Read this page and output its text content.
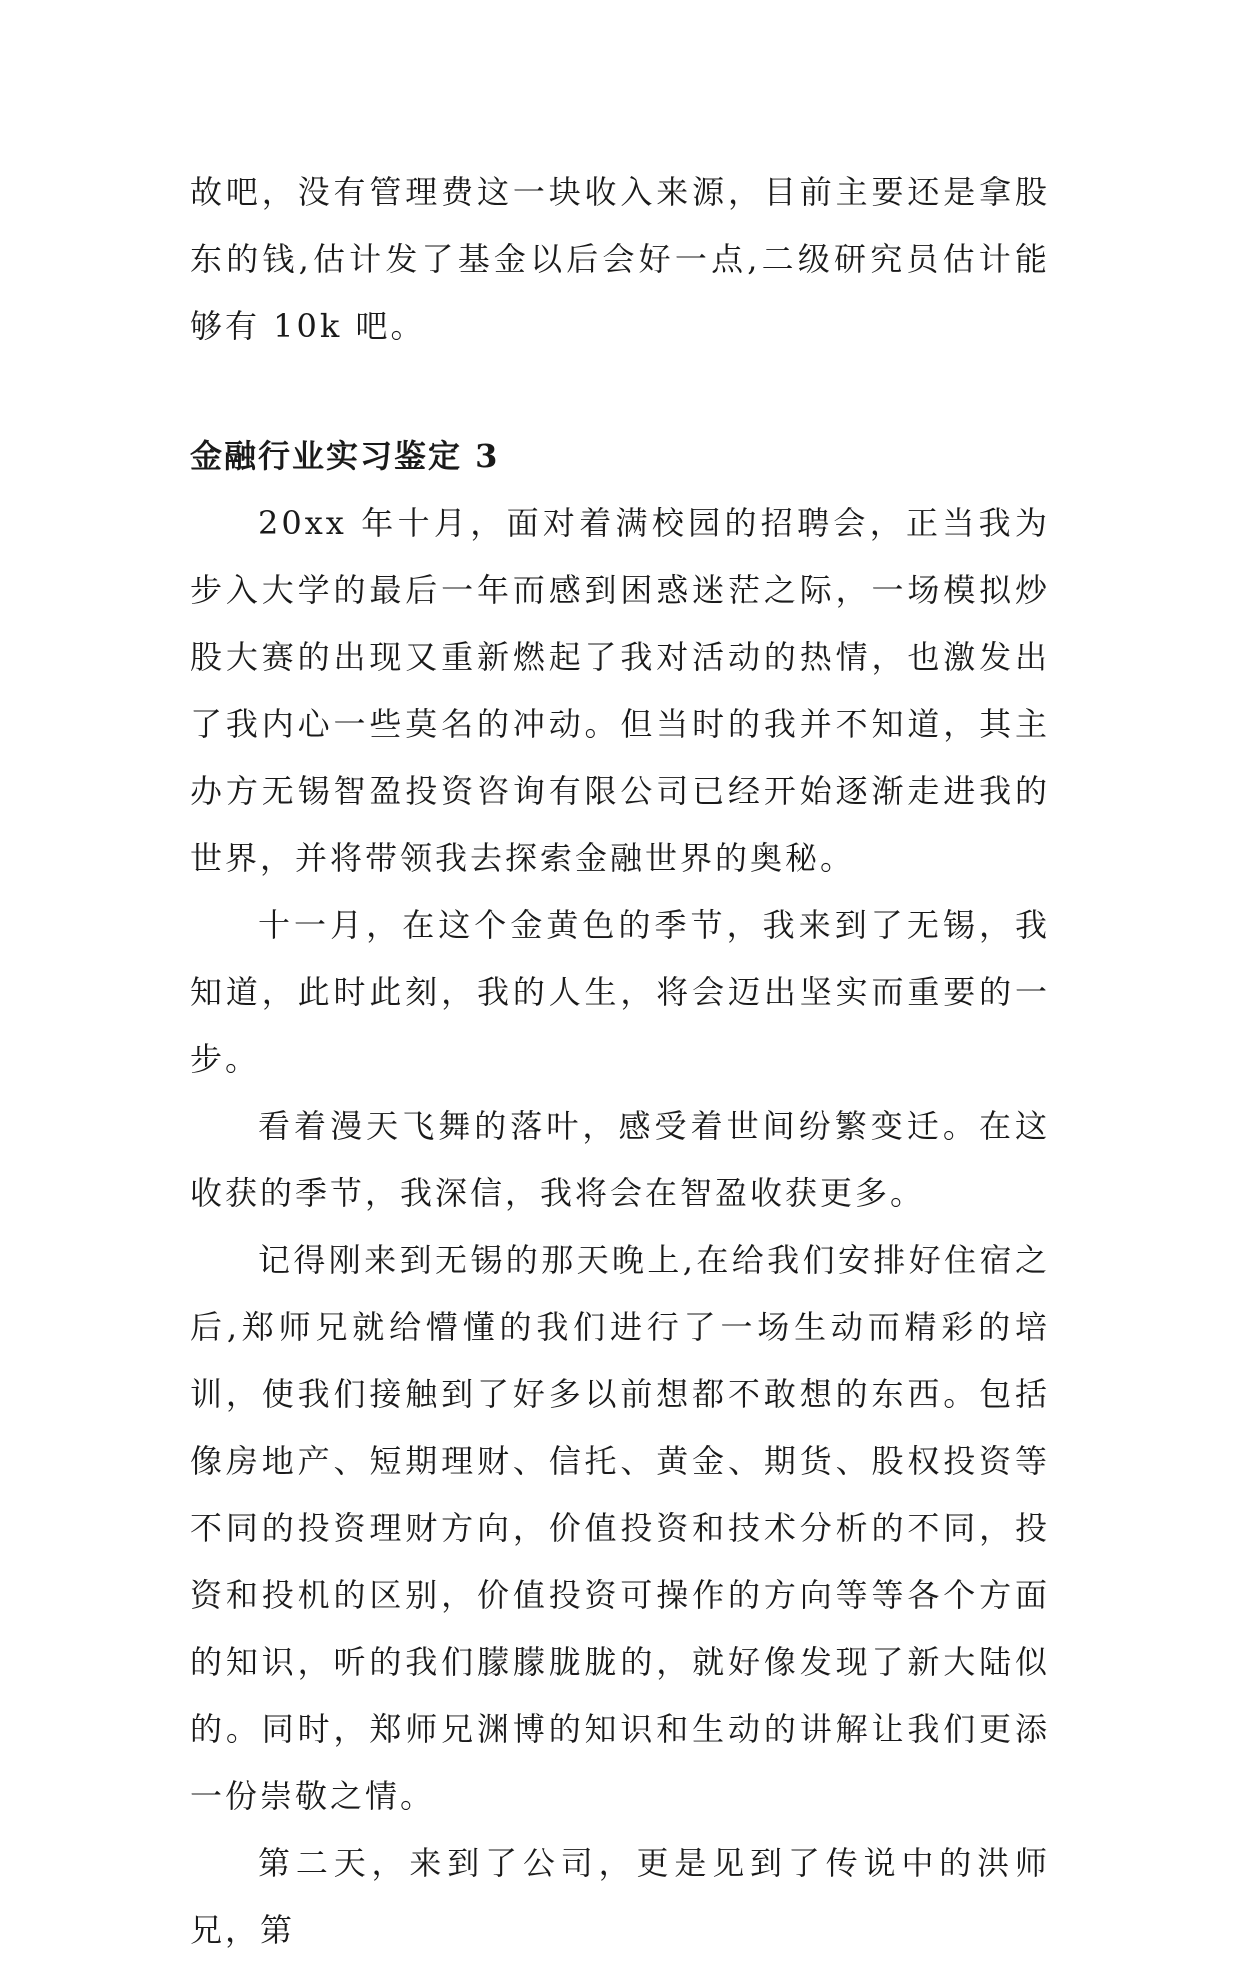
故吧，没有管理费这一块收入来源，目前主要还是拿股东的钱,估计发了基金以后会好一点,二级研究员估计能够有 10k 吧。

金融行业实习鉴定 3

20xx 年十月，面对着满校园的招聘会，正当我为步入大学的最后一年而感到困惑迷茫之际，一场模拟炒股大赛的出现又重新燃起了我对活动的热情，也激发出了我内心一些莫名的冲动。但当时的我并不知道，其主办方无锡智盈投资咨询有限公司已经开始逐渐走进我的世界，并将带领我去探索金融世界的奥秘。

十一月，在这个金黄色的季节，我来到了无锡，我知道，此时此刻，我的人生，将会迈出坚实而重要的一步。

看着漫天飞舞的落叶，感受着世间纷繁变迁。在这收获的季节，我深信，我将会在智盈收获更多。

记得刚来到无锡的那天晚上,在给我们安排好住宿之后,郑师兄就给懵懂的我们进行了一场生动而精彩的培训，使我们接触到了好多以前想都不敢想的东西。包括像房地产、短期理财、信托、黄金、期货、股权投资等不同的投资理财方向，价值投资和技术分析的不同，投资和投机的区别，价值投资可操作的方向等等各个方面的知识，听的我们朦朦胧胧的，就好像发现了新大陆似的。同时，郑师兄渊博的知识和生动的讲解让我们更添一份崇敬之情。

第二天，来到了公司，更是见到了传说中的洪师兄，第
